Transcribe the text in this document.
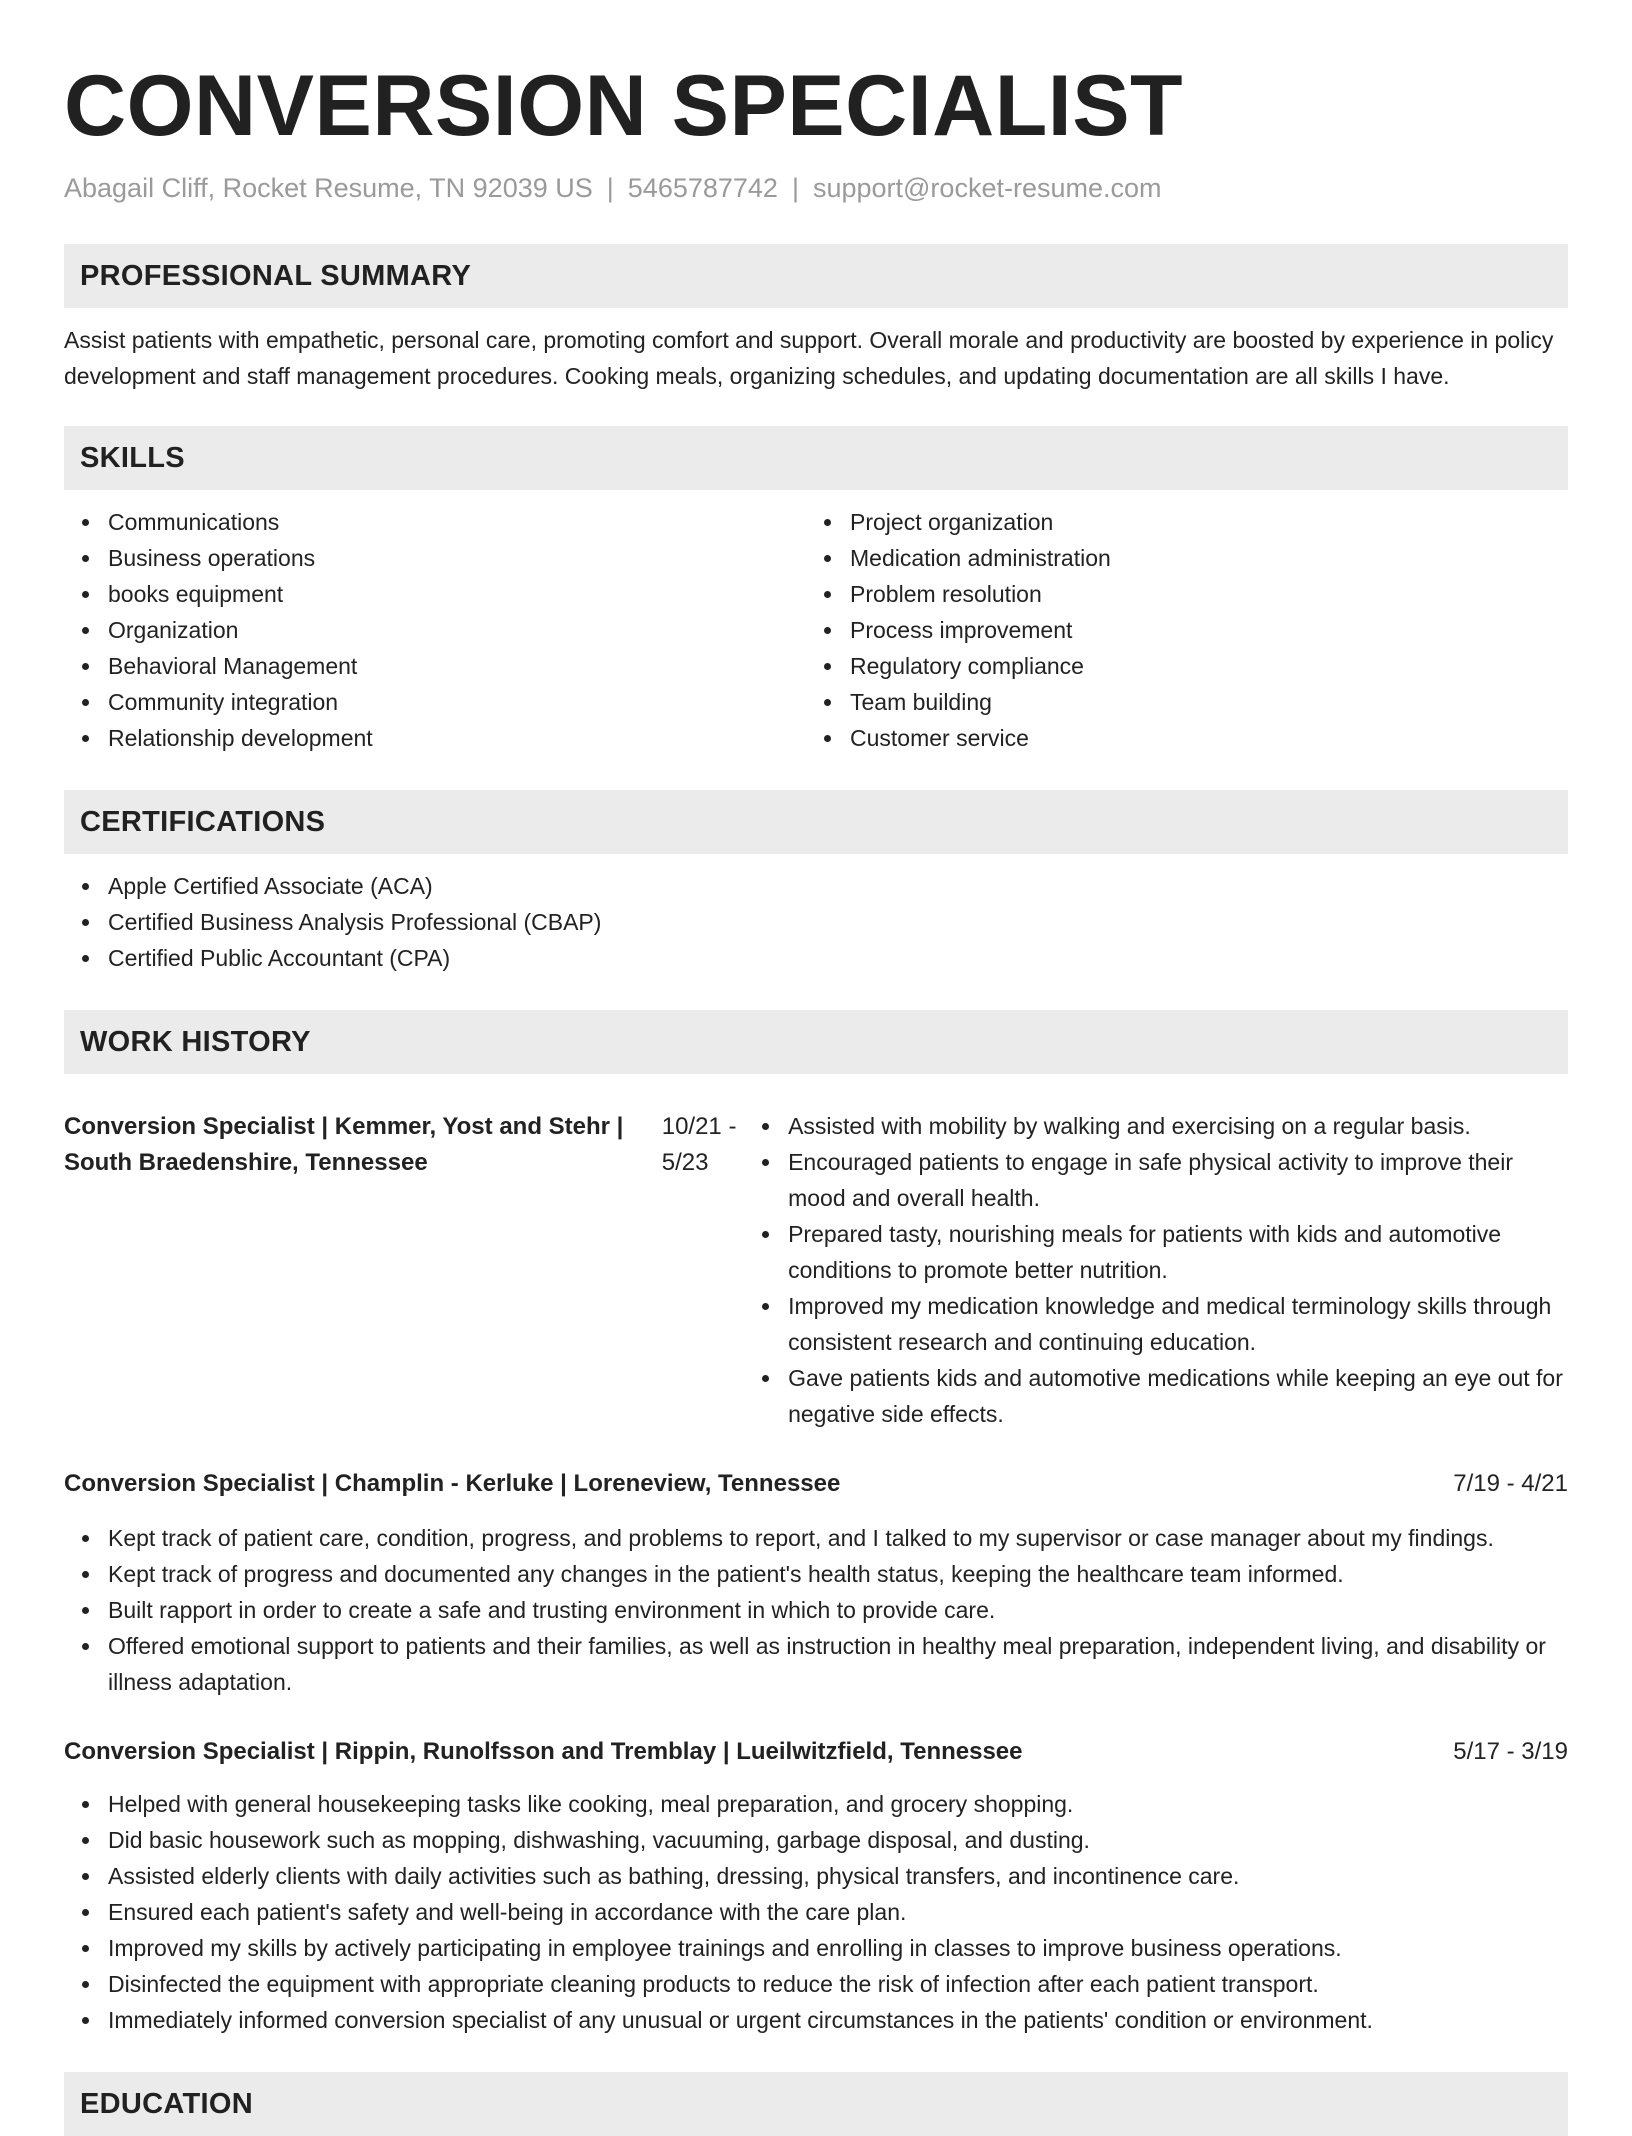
CONVERSION SPECIALIST
Abagail Cliff, Rocket Resume, TN 92039 US | 5465787742 | support@rocket-resume.com
PROFESSIONAL SUMMARY

Assist patients with empathetic, personal care, promoting comfort and support. Overall morale and productivity are boosted by experience in policy development and staff management procedures. Cooking meals, organizing schedules, and updating documentation are all skills I have.

SKILLS
Communications
Business operations
books equipment
Organization
Behavioral Management
Community integration
Relationship development
Project organization
Medication administration
Problem resolution
Process improvement
Regulatory compliance
Team building
Customer service
CERTIFICATIONS
Apple Certified Associate (ACA)
Certified Business Analysis Professional (CBAP)
Certified Public Accountant (CPA)
WORK HISTORY
Conversion Specialist | Kemmer, Yost and Stehr | South Braedenshire, Tennessee
10/21 - 5/23
Assisted with mobility by walking and exercising on a regular basis.
Encouraged patients to engage in safe physical activity to improve their mood and overall health.
Prepared tasty, nourishing meals for patients with kids and automotive conditions to promote better nutrition.
Improved my medication knowledge and medical terminology skills through consistent research and continuing education.
Gave patients kids and automotive medications while keeping an eye out for negative side effects.
Conversion Specialist | Champlin - Kerluke | Loreneview, Tennessee	7/19 - 4/21
Kept track of patient care, condition, progress, and problems to report, and I talked to my supervisor or case manager about my findings.
Kept track of progress and documented any changes in the patient's health status, keeping the healthcare team informed.
Built rapport in order to create a safe and trusting environment in which to provide care.
Offered emotional support to patients and their families, as well as instruction in healthy meal preparation, independent living, and disability or illness adaptation.
Conversion Specialist | Rippin, Runolfsson and Tremblay | Lueilwitzfield, Tennessee	5/17 - 3/19
Helped with general housekeeping tasks like cooking, meal preparation, and grocery shopping.
Did basic housework such as mopping, dishwashing, vacuuming, garbage disposal, and dusting.
Assisted elderly clients with daily activities such as bathing, dressing, physical transfers, and incontinence care.
Ensured each patient's safety and well-being in accordance with the care plan.
Improved my skills by actively participating in employee trainings and enrolling in classes to improve business operations.
Disinfected the equipment with appropriate cleaning products to reduce the risk of infection after each patient transport.
Immediately informed conversion specialist of any unusual or urgent circumstances in the patients' condition or environment.
EDUCATION
